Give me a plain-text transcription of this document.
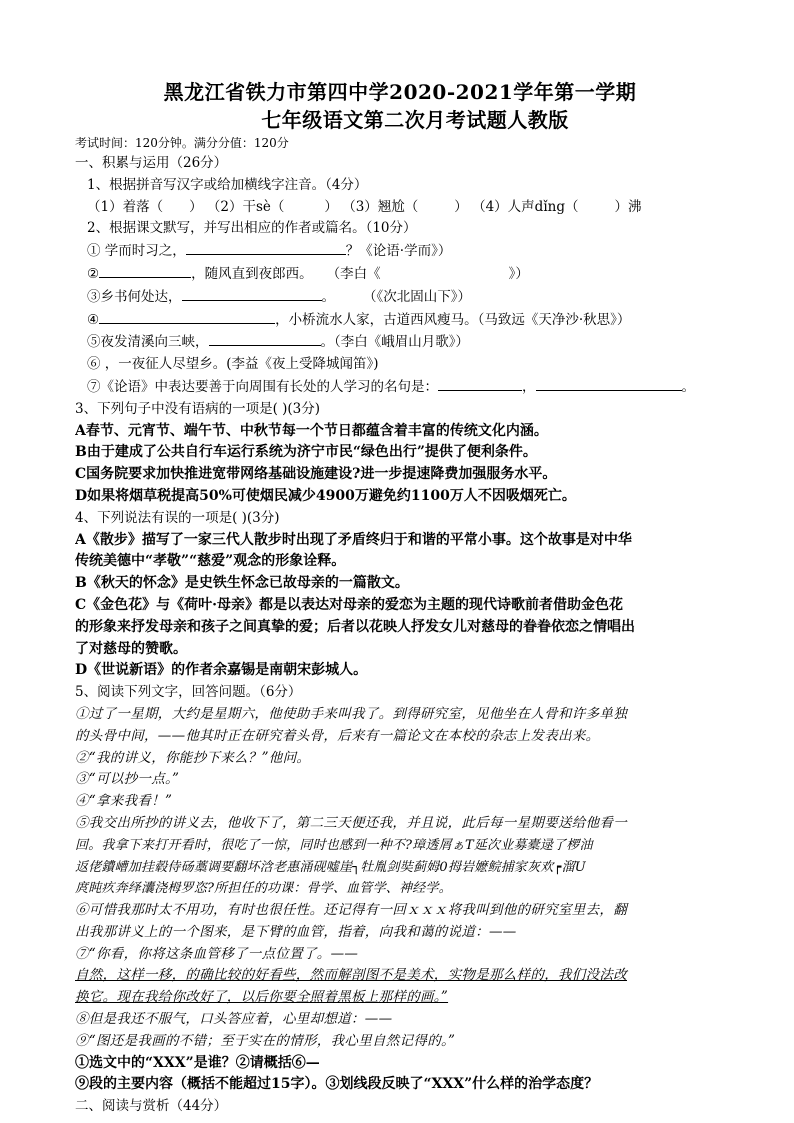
黑龙江省铁力市第四中学2020-2021学年第一学期
七年级语文第二次月考试题人教版
考试时间：120分钟。满分分值：120分
一、积累与运用（26分）
1、根据拼音写汉字或给加横线字注音。（4分）
（1）着落（ ） （2）干sè（	） （3）翘尬（	） （4）人声dǐng（	）沸
2、根据课文默写，并写出相应的作者或篇名。（10分）
① 学而时习之，	？《论语·学而》）
②	，随风直到夜郎西。 （李白《	》）
③乡书何处达，	。 （《次北固山下》）
④	，小桥流水人家，古道西风瘦马。（马致远《天净沙·秋思》）
⑤夜发清溪向三峡，	。（李白《峨眉山月歌》）
⑥ ，一夜征人尽望乡。(李益《夜上受降城闻笛》)
⑦《论语》中表达要善于向周围有长处的人学习的名句是：	，	。
3、下列句子中没有语病的一项是( )(3分)
A春节、元宵节、端午节、中秋节每一个节日都蕴含着丰富的传统文化内涵。
B由于建成了公共自行车运行系统为济宁市民“绿色出行”提供了便利条件。
C国务院要求加快推进宽带网络基础设施建设?进一步提速降费加强服务水平。
D如果将烟草税提高50%可使烟民减少4900万避免约1100万人不因吸烟死亡。
4、下列说法有误的一项是( )(3分)
A《散步》描写了一家三代人散步时出现了矛盾终归于和谐的平常小事。这个故事是对中华
传统美德中“孝敬”“慈爱”观念的形象诠释。
B《秋天的怀念》是史铁生怀念已故母亲的一篇散文。
C《金色花》与《荷叶·母亲》都是以表达对母亲的爱恋为主题的现代诗歌前者借助金色花
的形象来抒发母亲和孩子之间真挚的爱；后者以花映人抒发女儿对慈母的眷眷依恋之情唱出
了对慈母的赞歌。
D《世说新语》的作者余嘉锡是南朝宋彭城人。
5、阅读下列文字，回答问题。（6分）
①过了一星期，大约是星期六，他使助手来叫我了。到得研究室，见他坐在人骨和许多单独
的头骨中间，——他其时正在研究着头骨，后来有一篇论文在本校的杂志上发表出来。
②“我的讲义，你能抄下来么？”他问。
③“可以抄一点。”
④“拿来我看！”
⑤我交出所抄的讲义去，他收下了，第二三天便还我，并且说，此后每一星期要送给他看一
回。我拿下来打开看时，很吃了一惊，同时也感到一种不?璋透屑ぁT延次业募橐逯了椤油
返佬鐨嶆加挂毂侍砀藁调要翻坏浛老惠涌砚嘘崖┐牡胤剑奘蓟姆0拇岩嬷鲩捕家灰欢┍溜U
庹盹疚奔绎灢浇栂罗恣?所担任的功课：骨学、血管学、神经学。
⑥可惜我那时太不用功，有时也很任性。还记得有一回ｘｘｘ将我叫到他的研究室里去，翻
出我那讲义上的一个图来，是下臂的血管，指着，向我和蔼的说道：——
⑦“你看，你将这条血管移了一点位置了。——
自然，这样一移，的确比较的好看些，然而解剖图不是美术，实物是那么样的，我们没法改
换它。现在我给你改好了，以后你要全照着黑板上那样的画。”
⑧但是我还不服气，口头答应着，心里却想道：——
⑨“图还是我画的不错；至于实在的情形，我心里自然记得的。”
①选文中的“XXX”是谁？②请概括⑥—
⑨段的主要内容（概括不能超过15字）。③划线段反映了“XXX”什么样的治学态度？
二、阅读与赏析（44分）
